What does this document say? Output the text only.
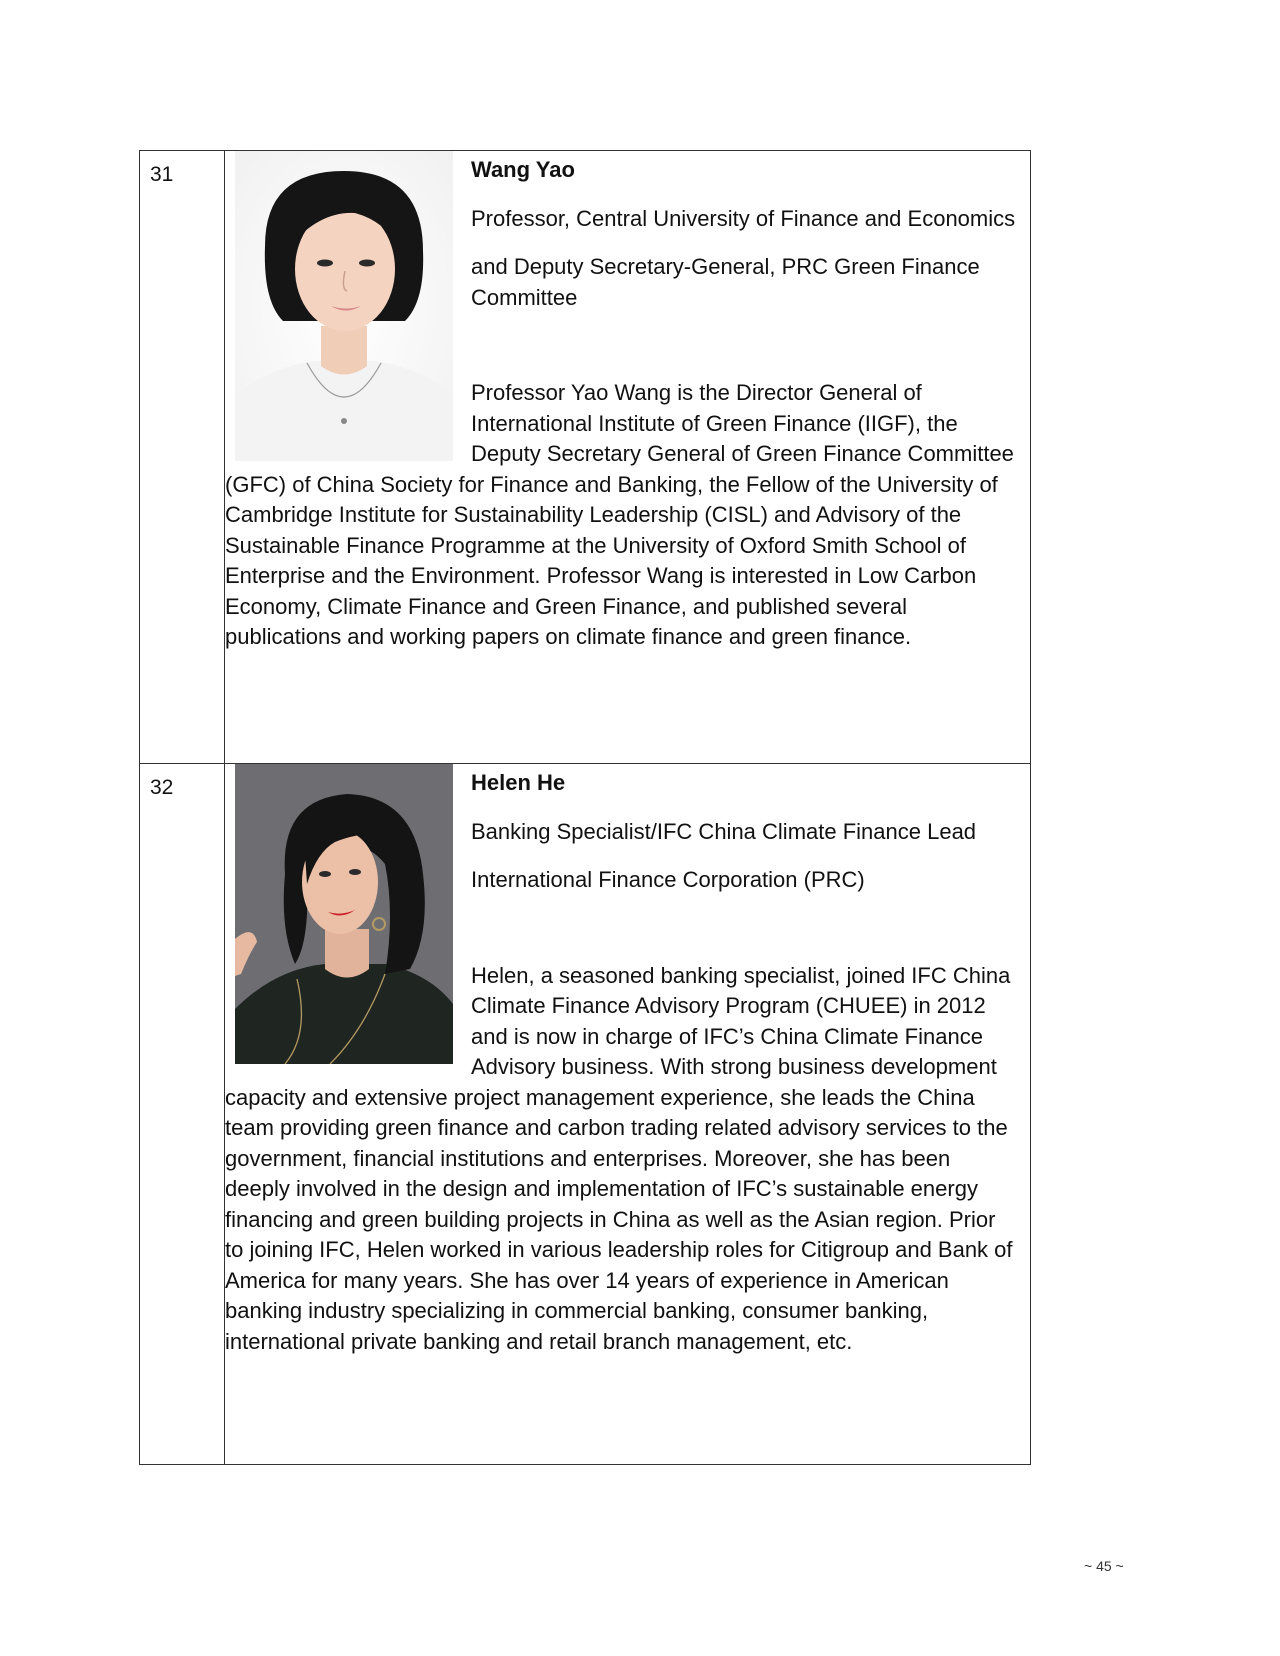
31	Wang Yao

Professor, Central University of Finance and Economics

and Deputy Secretary-General, PRC Green Finance Committee

Professor Yao Wang is the Director General of International Institute of Green Finance (IIGF), the Deputy Secretary General of Green Finance Committee (GFC) of China Society for Finance and Banking, the Fellow of the University of Cambridge Institute for Sustainability Leadership (CISL) and Advisory of the Sustainable Finance Programme at the University of Oxford Smith School of Enterprise and the Environment. Professor Wang is interested in Low Carbon Economy, Climate Finance and Green Finance, and published several publications and working papers on climate finance and green finance.

32	Helen He

Banking Specialist/IFC China Climate Finance Lead

International Finance Corporation (PRC)

Helen, a seasoned banking specialist, joined IFC China Climate Finance Advisory Program (CHUEE) in 2012 and is now in charge of IFC’s China Climate Finance Advisory business. With strong business development capacity and extensive project management experience, she leads the China team providing green finance and carbon trading related advisory services to the government, financial institutions and enterprises. Moreover, she has been deeply involved in the design and implementation of IFC’s sustainable energy financing and green building projects in China as well as the Asian region. Prior to joining IFC, Helen worked in various leadership roles for Citigroup and Bank of America for many years. She has over 14 years of experience in American banking industry specializing in commercial banking, consumer banking, international private banking and retail branch management, etc.

~ 45 ~
